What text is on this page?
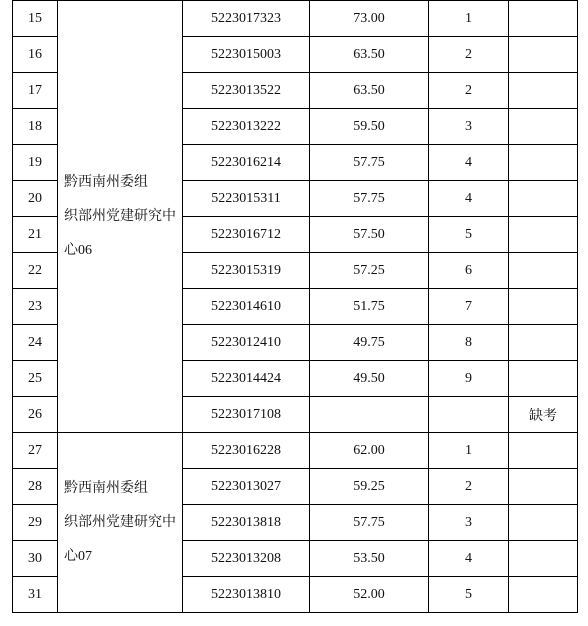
15	黔西南州委组
织部州党建研究中
心06	5223017323	73.00	1	
16		5223015003	63.50	2	
17		5223013522	63.50	2	
18		5223013222	59.50	3	
19		5223016214	57.75	4	
20		5223015311	57.75	4	
21		5223016712	57.50	5	
22		5223015319	57.25	6	
23		5223014610	51.75	7	
24		5223012410	49.75	8	
25		5223014424	49.50	9	
26		5223017108			缺考
27	黔西南州委组
织部州党建研究中
心07	5223016228	62.00	1	
28		5223013027	59.25	2	
29		5223013818	57.75	3	
30		5223013208	53.50	4	
31		5223013810	52.00	5	
